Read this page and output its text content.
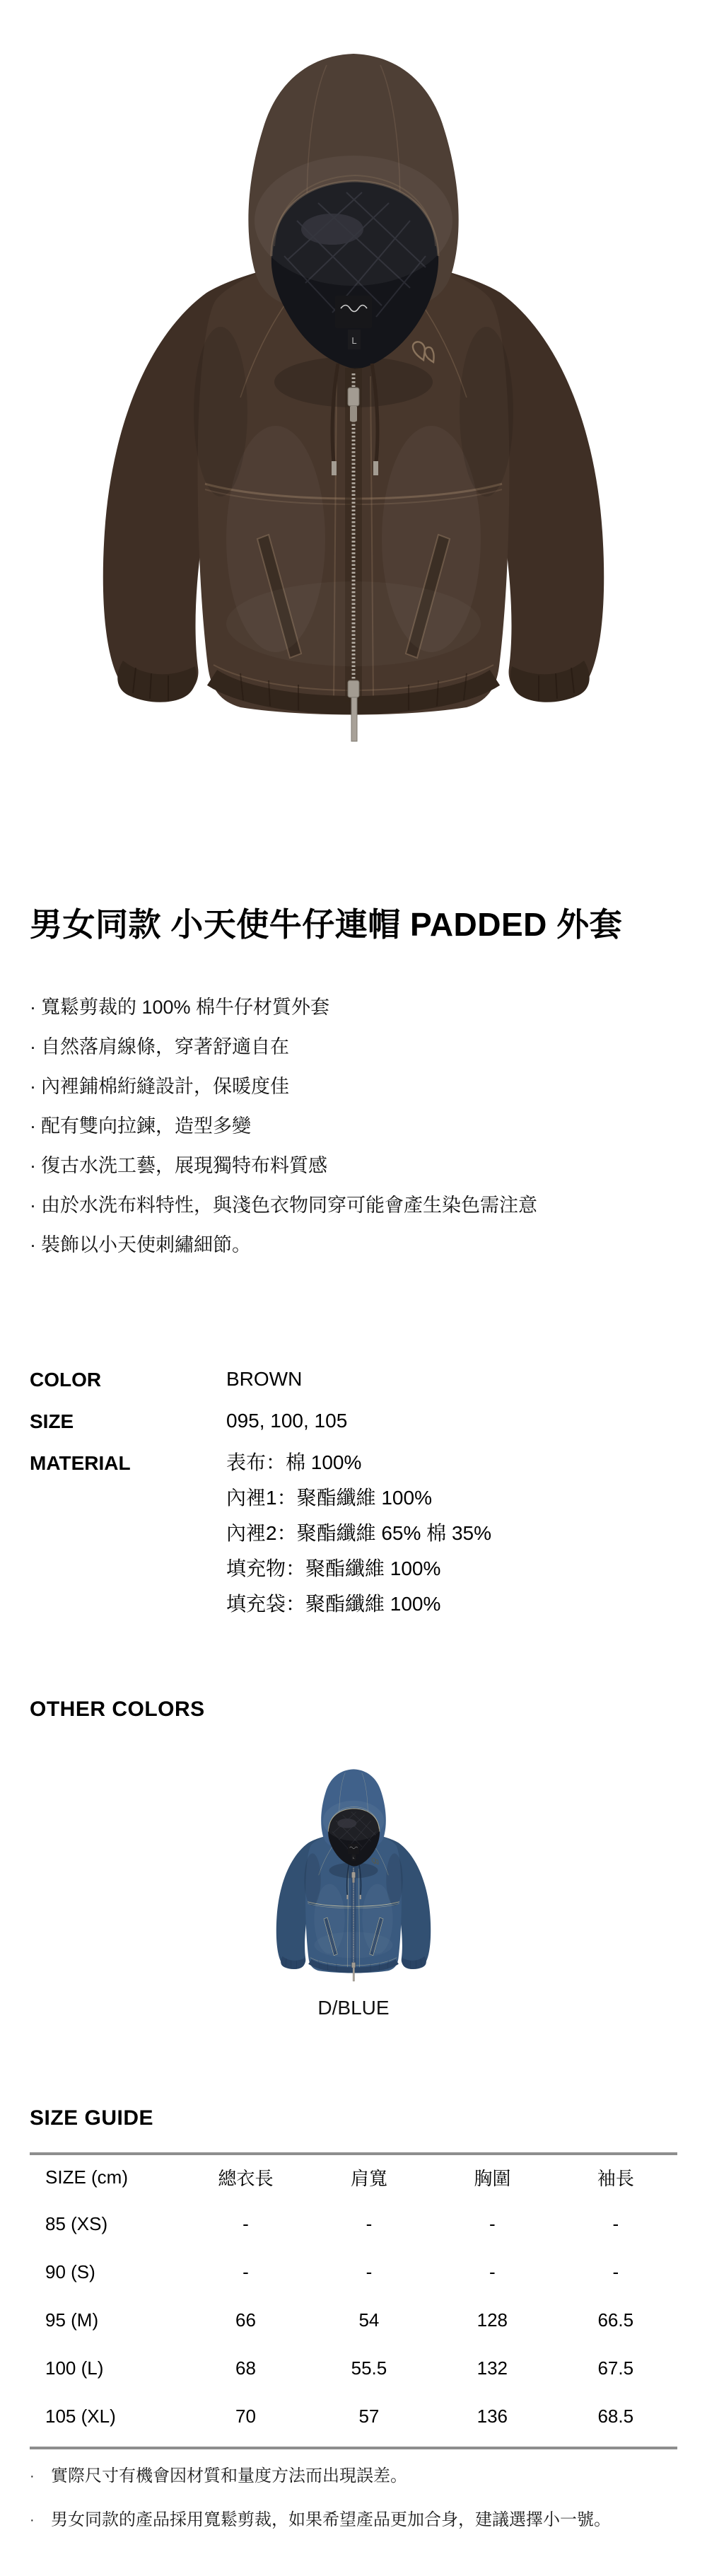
男女同款 小天使牛仔連帽 PADDED 外套
· 寬鬆剪裁的 100% 棉牛仔材質外套
· 自然落肩線條，穿著舒適自在
· 內裡鋪棉絎縫設計，保暖度佳
· 配有雙向拉鍊，造型多變
· 復古水洗工藝，展現獨特布料質感
· 由於水洗布料特性，與淺色衣物同穿可能會產生染色需注意
· 裝飾以小天使刺繡細節。
COLOR	BROWN
SIZE	095, 100, 105
MATERIAL	表布：棉 100%
內裡1：聚酯纖維 100%
內裡2：聚酯纖維 65% 棉 35%
填充物：聚酯纖維 100%
填充袋：聚酯纖維 100%
OTHER COLORS
D/BLUE
SIZE GUIDE
SIZE (cm)	總衣長	肩寬	胸圍	袖長
85 (XS)	-	-	-	-
90 (S)	-	-	-	-
95 (M)	66	54	128	66.5
100 (L)	68	55.5	132	67.5
105 (XL)	70	57	136	68.5
· 實際尺寸有機會因材質和量度方法而出現誤差。
· 男女同款的產品採用寬鬆剪裁，如果希望產品更加合身，建議選擇小一號。
